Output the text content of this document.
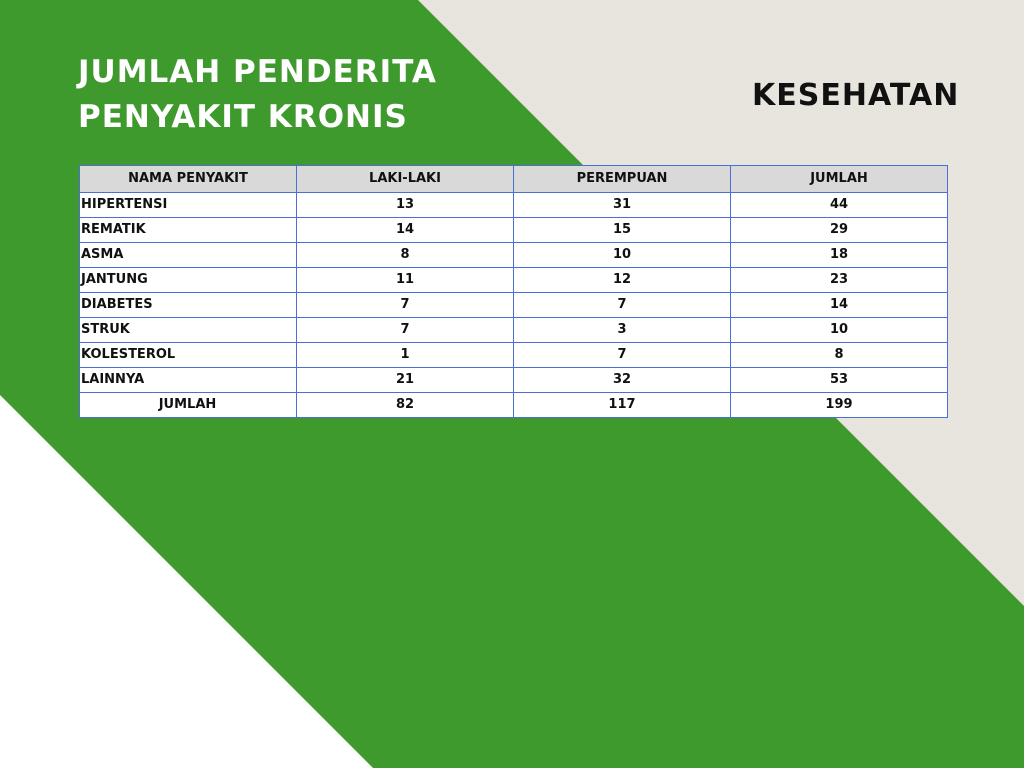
JUMLAH PENDERITA
PENYAKIT KRONIS
KESEHATAN
NAMA PENYAKIT	LAKI-LAKI	PEREMPUAN	JUMLAH
HIPERTENSI	13	31	44
REMATIK	14	15	29
ASMA	8	10	18
JANTUNG	11	12	23
DIABETES	7	7	14
STRUK	7	3	10
KOLESTEROL	1	7	8
LAINNYA	21	32	53
JUMLAH	82	117	199
